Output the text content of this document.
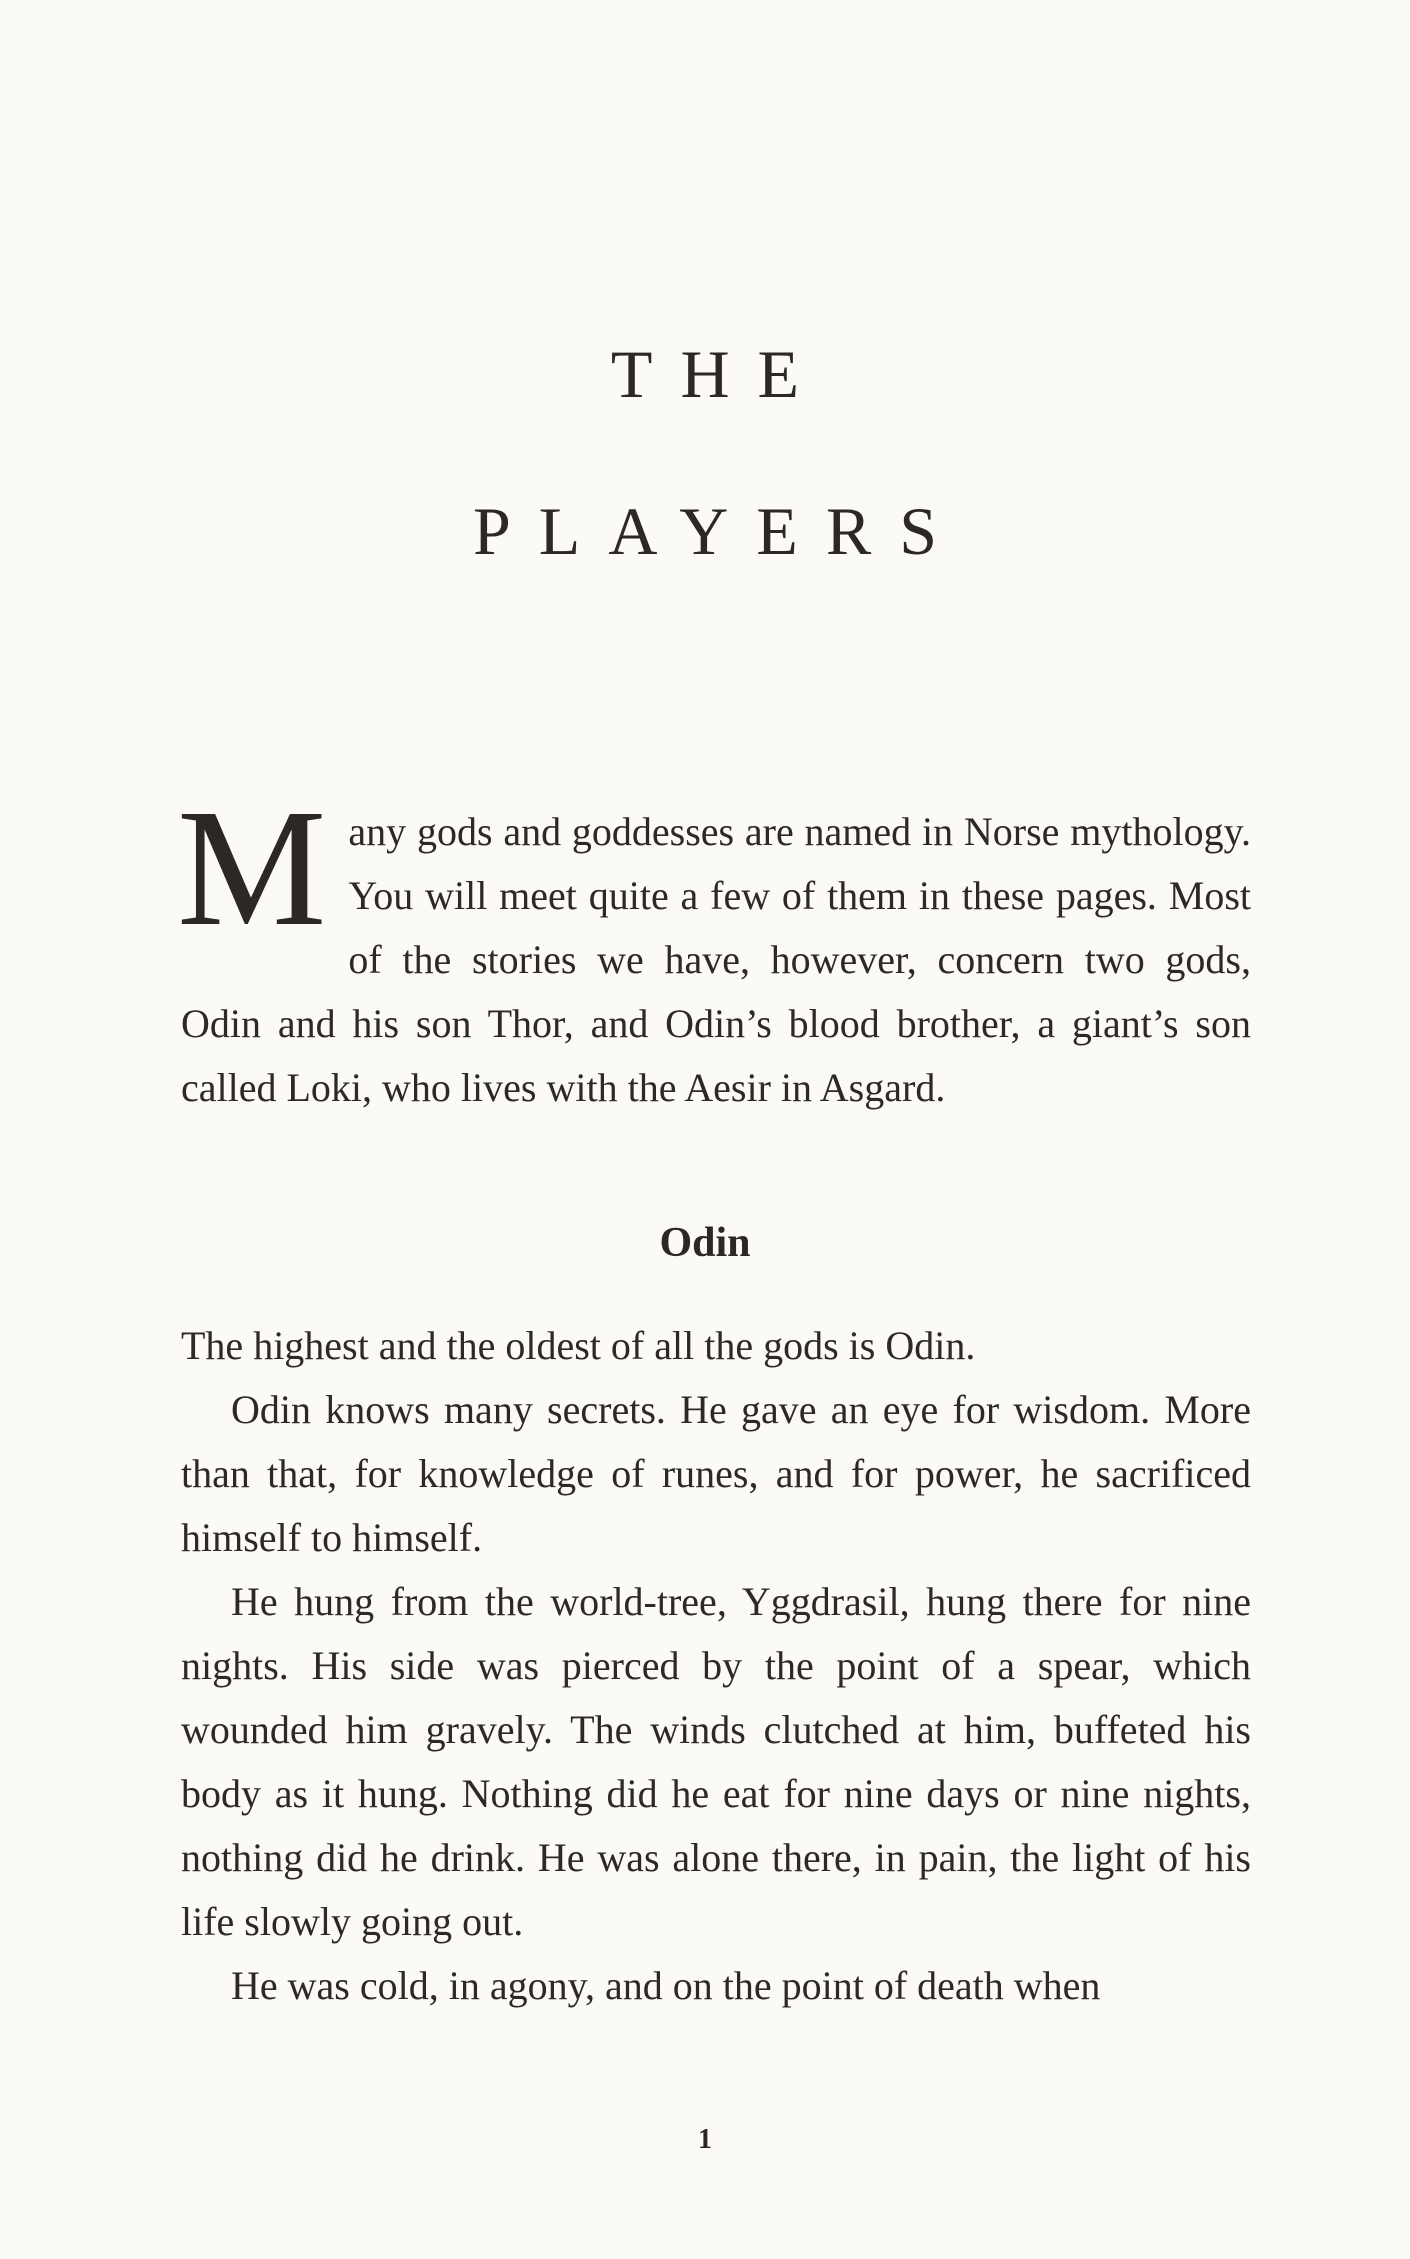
THE
PLAYERS
Many gods and goddesses are named in Norse mythology. You will meet quite a few of them in these pages. Most of the stories we have, however, concern two gods, Odin and his son Thor, and Odin’s blood brother, a giant’s son called Loki, who lives with the Aesir in Asgard.
Odin

The highest and the oldest of all the gods is Odin.

Odin knows many secrets. He gave an eye for wisdom. More than that, for knowledge of runes, and for power, he sacrificed himself to himself.

He hung from the world-tree, Yggdrasil, hung there for nine nights. His side was pierced by the point of a spear, which wounded him gravely. The winds clutched at him, buffeted his body as it hung. Nothing did he eat for nine days or nine nights, nothing did he drink. He was alone there, in pain, the light of his life slowly going out.

He was cold, in agony, and on the point of death when

1
